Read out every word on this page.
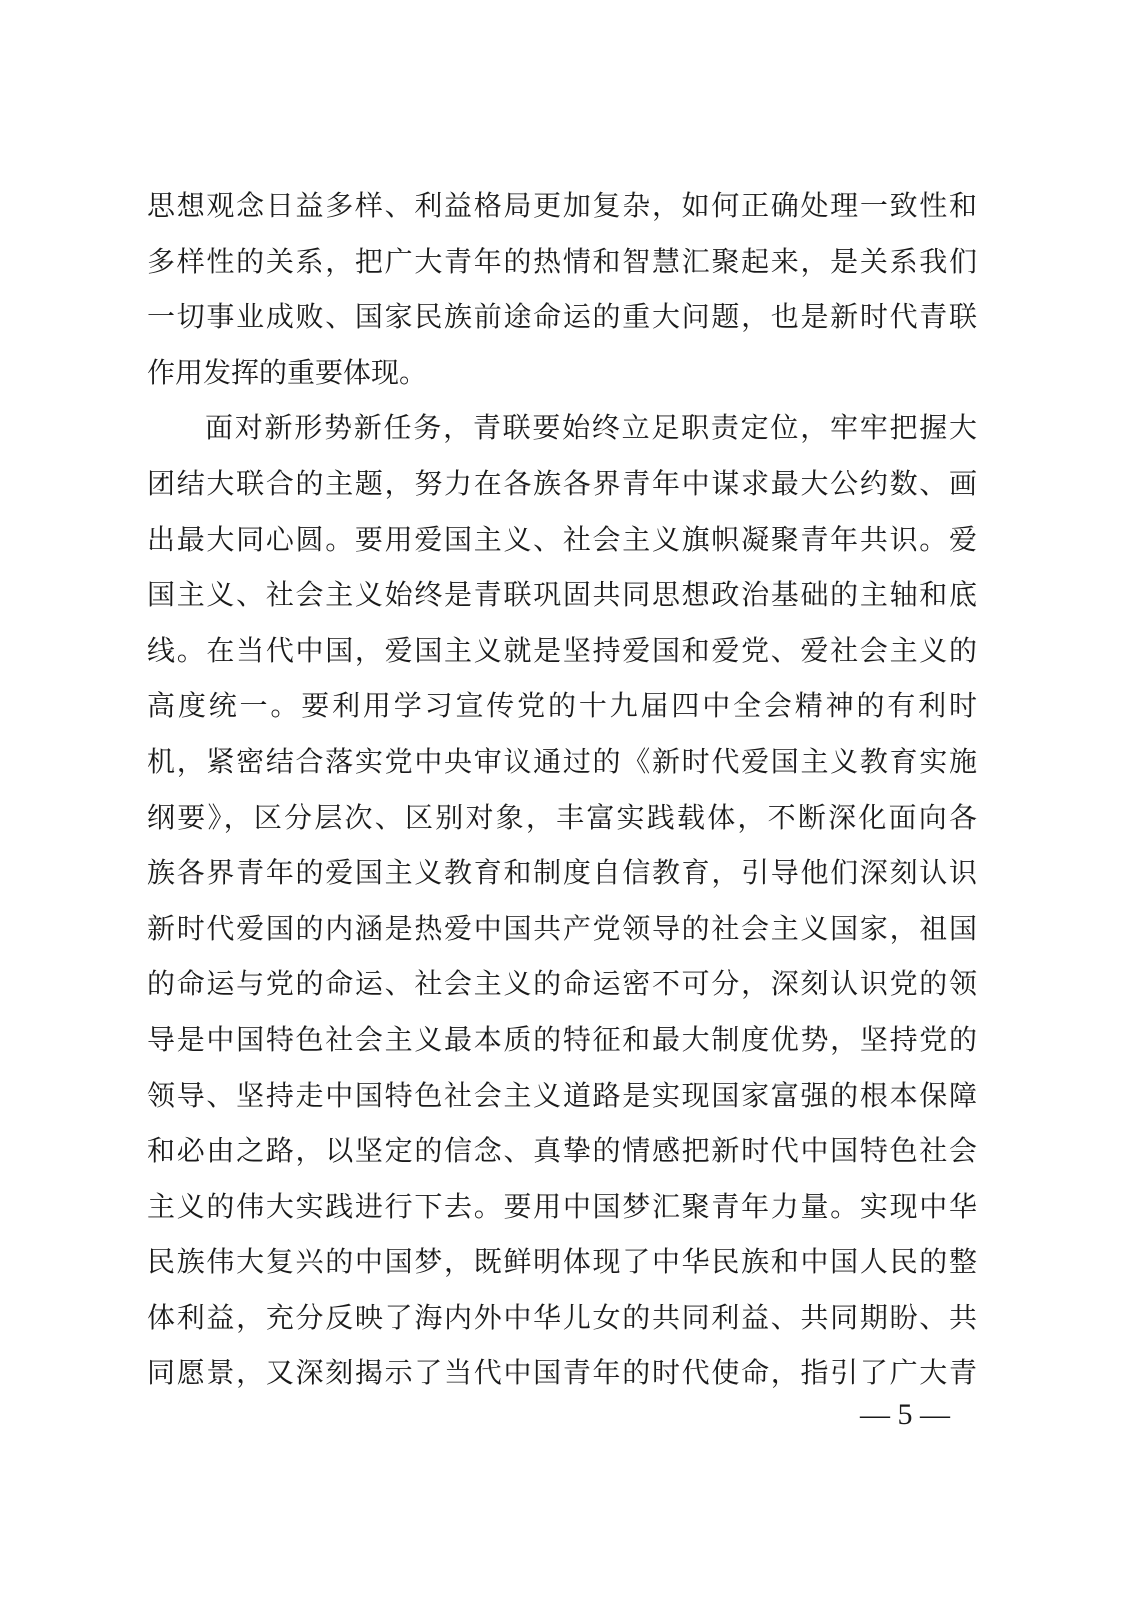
思想观念日益多样、利益格局更加复杂，如何正确处理一致性和
多样性的关系，把广大青年的热情和智慧汇聚起来，是关系我们
一切事业成败、国家民族前途命运的重大问题，也是新时代青联
作用发挥的重要体现。
面对新形势新任务，青联要始终立足职责定位，牢牢把握大
团结大联合的主题，努力在各族各界青年中谋求最大公约数、画
出最大同心圆。要用爱国主义、社会主义旗帜凝聚青年共识。爱
国主义、社会主义始终是青联巩固共同思想政治基础的主轴和底
线。在当代中国，爱国主义就是坚持爱国和爱党、爱社会主义的
高度统一。要利用学习宣传党的十九届四中全会精神的有利时
机，紧密结合落实党中央审议通过的《新时代爱国主义教育实施
纲要》，区分层次、区别对象，丰富实践载体，不断深化面向各
族各界青年的爱国主义教育和制度自信教育，引导他们深刻认识
新时代爱国的内涵是热爱中国共产党领导的社会主义国家，祖国
的命运与党的命运、社会主义的命运密不可分，深刻认识党的领
导是中国特色社会主义最本质的特征和最大制度优势，坚持党的
领导、坚持走中国特色社会主义道路是实现国家富强的根本保障
和必由之路，以坚定的信念、真挚的情感把新时代中国特色社会
主义的伟大实践进行下去。要用中国梦汇聚青年力量。实现中华
民族伟大复兴的中国梦，既鲜明体现了中华民族和中国人民的整
体利益，充分反映了海内外中华儿女的共同利益、共同期盼、共
同愿景，又深刻揭示了当代中国青年的时代使命，指引了广大青
— 5 —
